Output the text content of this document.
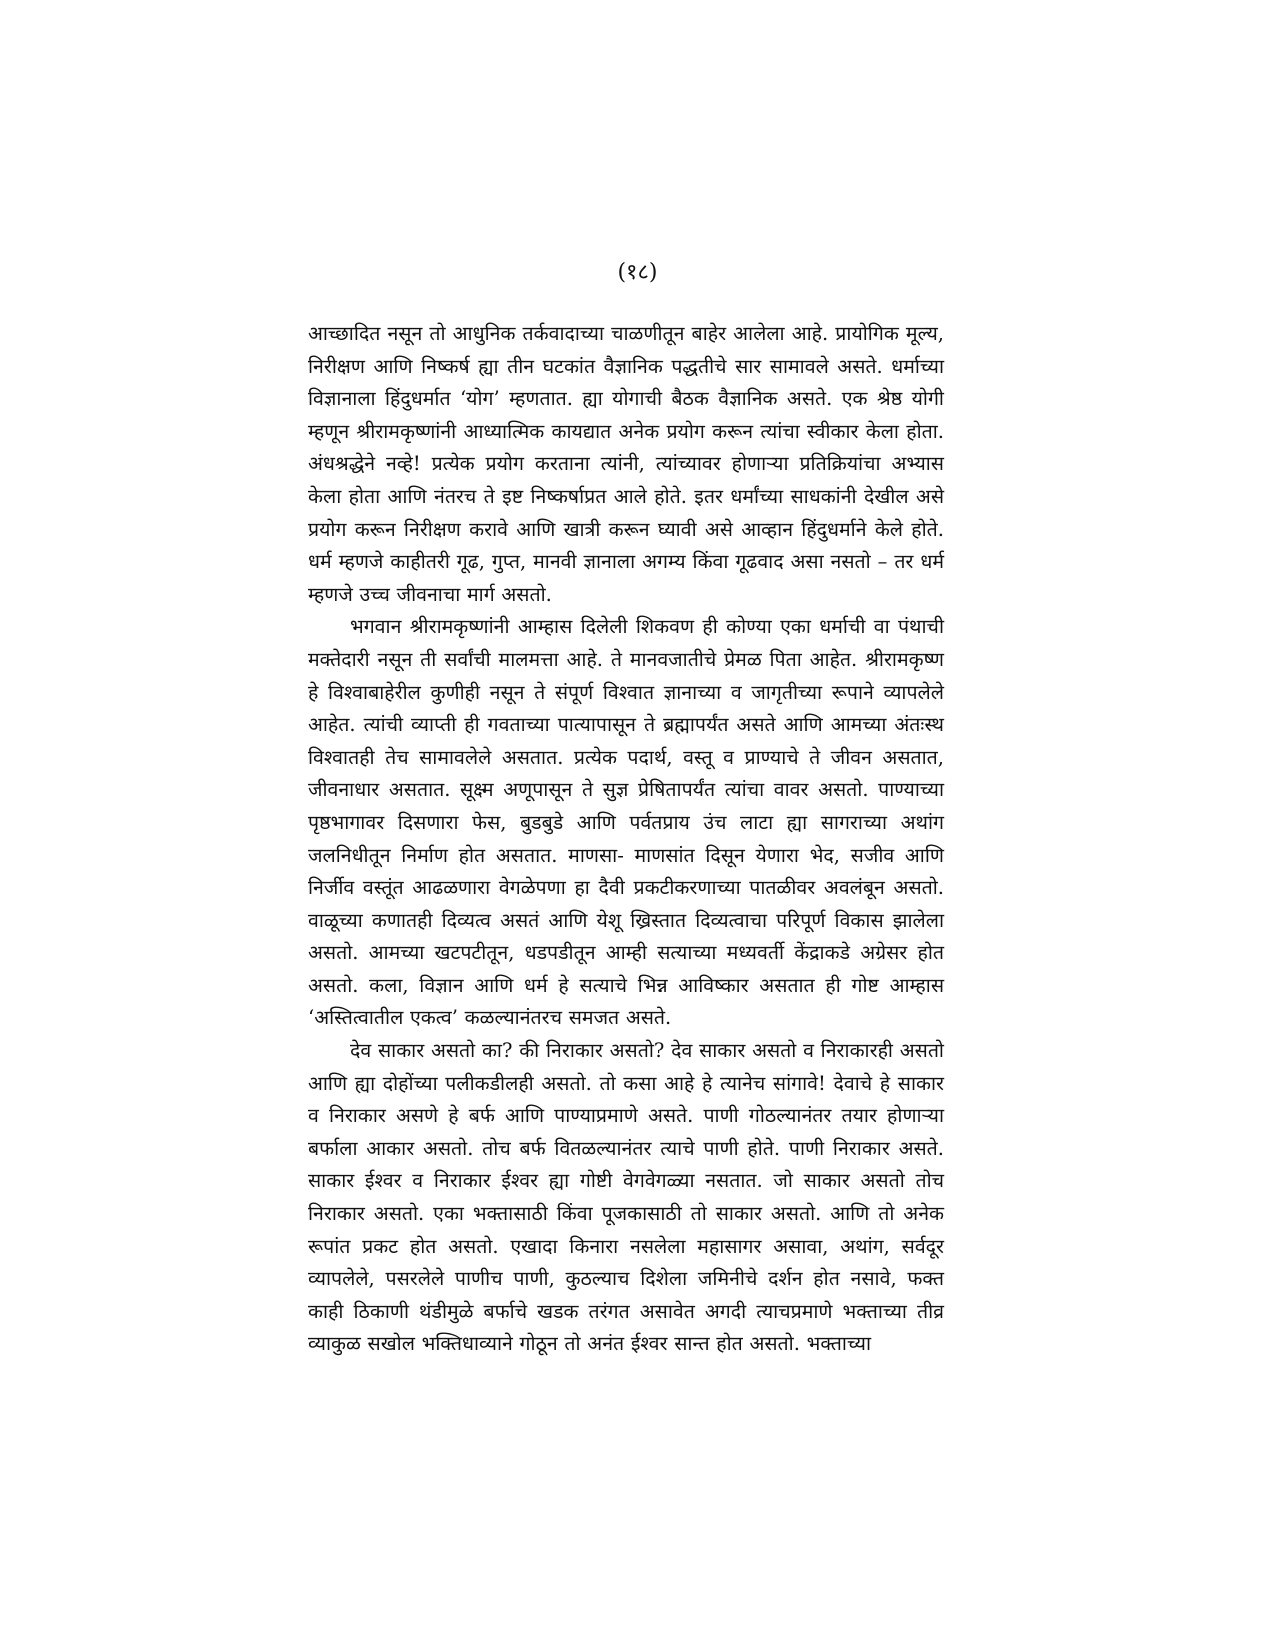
(१८)

आच्छादित नसून तो आधुनिक तर्कवादाच्या चाळणीतून बाहेर आलेला आहे. प्रायोगिक मूल्य, निरीक्षण आणि निष्कर्ष ह्या तीन घटकांत वैज्ञानिक पद्धतीचे सार सामावले असते. धर्माच्या विज्ञानाला हिंदुधर्मात ‘योग’ म्हणतात. ह्या योगाची बैठक वैज्ञानिक असते. एक श्रेष्ठ योगी म्हणून श्रीरामकृष्णांनी आध्यात्मिक कायद्यात अनेक प्रयोग करून त्यांचा स्वीकार केला होता. अंधश्रद्धेने नव्हे! प्रत्येक प्रयोग करताना त्यांनी, त्यांच्यावर होणाऱ्या प्रतिक्रियांचा अभ्यास केला होता आणि नंतरच ते इष्ट निष्कर्षाप्रत आले होते. इतर धर्मांच्या साधकांनी देखील असे प्रयोग करून निरीक्षण करावे आणि खात्री करून घ्यावी असे आव्हान हिंदुधर्माने केले होते. धर्म म्हणजे काहीतरी गूढ, गुप्त, मानवी ज्ञानाला अगम्य किंवा गूढवाद असा नसतो – तर धर्म म्हणजे उच्च जीवनाचा मार्ग असतो.

भगवान श्रीरामकृष्णांनी आम्हास दिलेली शिकवण ही कोण्या एका धर्माची वा पंथाची मक्तेदारी नसून ती सर्वांची मालमत्ता आहे. ते मानवजातीचे प्रेमळ पिता आहेत. श्रीरामकृष्ण हे विश्वाबाहेरील कुणीही नसून ते संपूर्ण विश्वात ज्ञानाच्या व जागृतीच्या रूपाने व्यापलेले आहेत. त्यांची व्याप्ती ही गवताच्या पात्यापासून ते ब्रह्मापर्यंत असते आणि आमच्या अंतःस्थ विश्वातही तेच सामावलेले असतात. प्रत्येक पदार्थ, वस्तू व प्राण्याचे ते जीवन असतात, जीवनाधार असतात. सूक्ष्म अणूपासून ते सुज्ञ प्रेषितापर्यंत त्यांचा वावर असतो. पाण्याच्या पृष्ठभागावर दिसणारा फेस, बुडबुडे आणि पर्वतप्राय उंच लाटा ह्या सागराच्या अथांग जलनिधीतून निर्माण होत असतात. माणसा- माणसांत दिसून येणारा भेद, सजीव आणि निर्जीव वस्तूंत आढळणारा वेगळेपणा हा दैवी प्रकटीकरणाच्या पातळीवर अवलंबून असतो. वाळूच्या कणातही दिव्यत्व असतं आणि येशू ख्रिस्तात दिव्यत्वाचा परिपूर्ण विकास झालेला असतो. आमच्या खटपटीतून, धडपडीतून आम्ही सत्याच्या मध्यवर्ती केंद्राकडे अग्रेसर होत असतो. कला, विज्ञान आणि धर्म हे सत्याचे भिन्न आविष्कार असतात ही गोष्ट आम्हास ‘अस्तित्वातील एकत्व’ कळल्यानंतरच समजत असते.

देव साकार असतो का? की निराकार असतो? देव साकार असतो व निराकारही असतो आणि ह्या दोहोंच्या पलीकडीलही असतो. तो कसा आहे हे त्यानेच सांगावे! देवाचे हे साकार व निराकार असणे हे बर्फ आणि पाण्याप्रमाणे असते. पाणी गोठल्यानंतर तयार होणाऱ्या बर्फाला आकार असतो. तोच बर्फ वितळल्यानंतर त्याचे पाणी होते. पाणी निराकार असते. साकार ईश्वर व निराकार ईश्वर ह्या गोष्टी वेगवेगळ्या नसतात. जो साकार असतो तोच निराकार असतो. एका भक्तासाठी किंवा पूजकासाठी तो साकार असतो. आणि तो अनेक रूपांत प्रकट होत असतो. एखादा किनारा नसलेला महासागर असावा, अथांग, सर्वदूर व्यापलेले, पसरलेले पाणीच पाणी, कुठल्याच दिशेला जमिनीचे दर्शन होत नसावे, फक्त काही ठिकाणी थंडीमुळे बर्फाचे खडक तरंगत असावेत अगदी त्याचप्रमाणे भक्ताच्या तीव्र व्याकुळ सखोल भक्तिधाव्याने गोठून तो अनंत ईश्वर सान्त होत असतो. भक्ताच्या
